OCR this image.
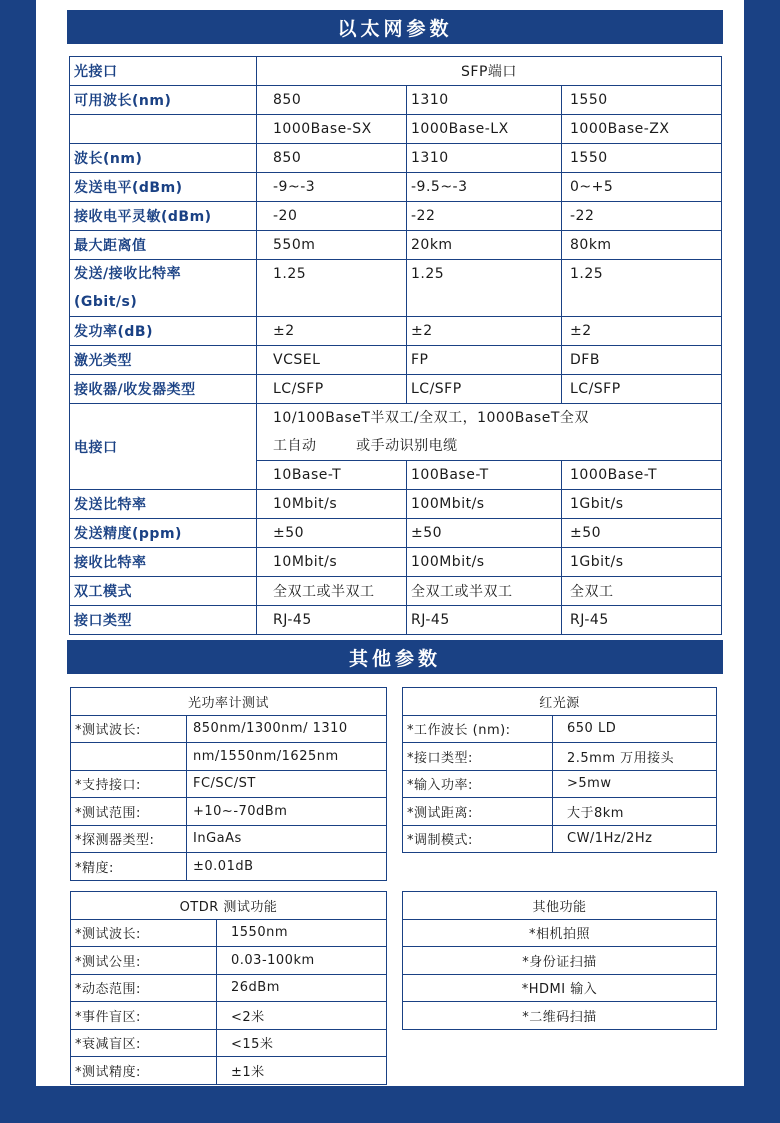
以太网参数
光接口	SFP端口		
可用波长(nm)	850	1310	1550
	1000Base-SX	1000Base-LX	1000Base-ZX
波长(nm)	850	1310	1550
发送电平(dBm)	-9~-3	-9.5~-3	0~+5
接收电平灵敏(dBm)	-20	-22	-22
最大距离值	550m	20km	80km

发送/接收比特率
(Gbit/s)	1.25	1.25	1.25
发功率(dB)	±2	±2	±2
激光类型	VCSEL	FP	DFB
接收器/收发器类型	LC/SFP	LC/SFP	LC/SFP
电接口	10/100BaseT半双工/全双工，1000BaseT全双
工自动        或手动识别电缆		

	10Base-T	100Base-T	1000Base-T
发送比特率	10Mbit/s	100Mbit/s	1Gbit/s
发送精度(ppm)	±50	±50	±50
接收比特率	10Mbit/s	100Mbit/s	1Gbit/s
双工模式	全双工或半双工	全双工或半双工	全双工
接口类型	RJ-45	RJ-45	RJ-45
其他参数
光功率计测试	
*测试波长:	850nm/1300nm/ 1310
	nm/1550nm/1625nm
*支持接口:	FC/SC/ST
*测试范围:	+10~-70dBm
*探测器类型:	InGaAs
*精度:	±0.01dB
红光源	
*工作波长 (nm):	650 LD
*接口类型:	2.5mm 万用接头
*输入功率:	>5mw
*测试距离:	大于8km
*调制模式:	CW/1Hz/2Hz
OTDR 测试功能	
*测试波长:	1550nm
*测试公里:	0.03-100km
*动态范围:	26dBm
*事件盲区:	<2米
*衰减盲区:	<15米
*测试精度:	±1米
其他功能
*相机拍照
*身份证扫描
*HDMI 输入
*二维码扫描
